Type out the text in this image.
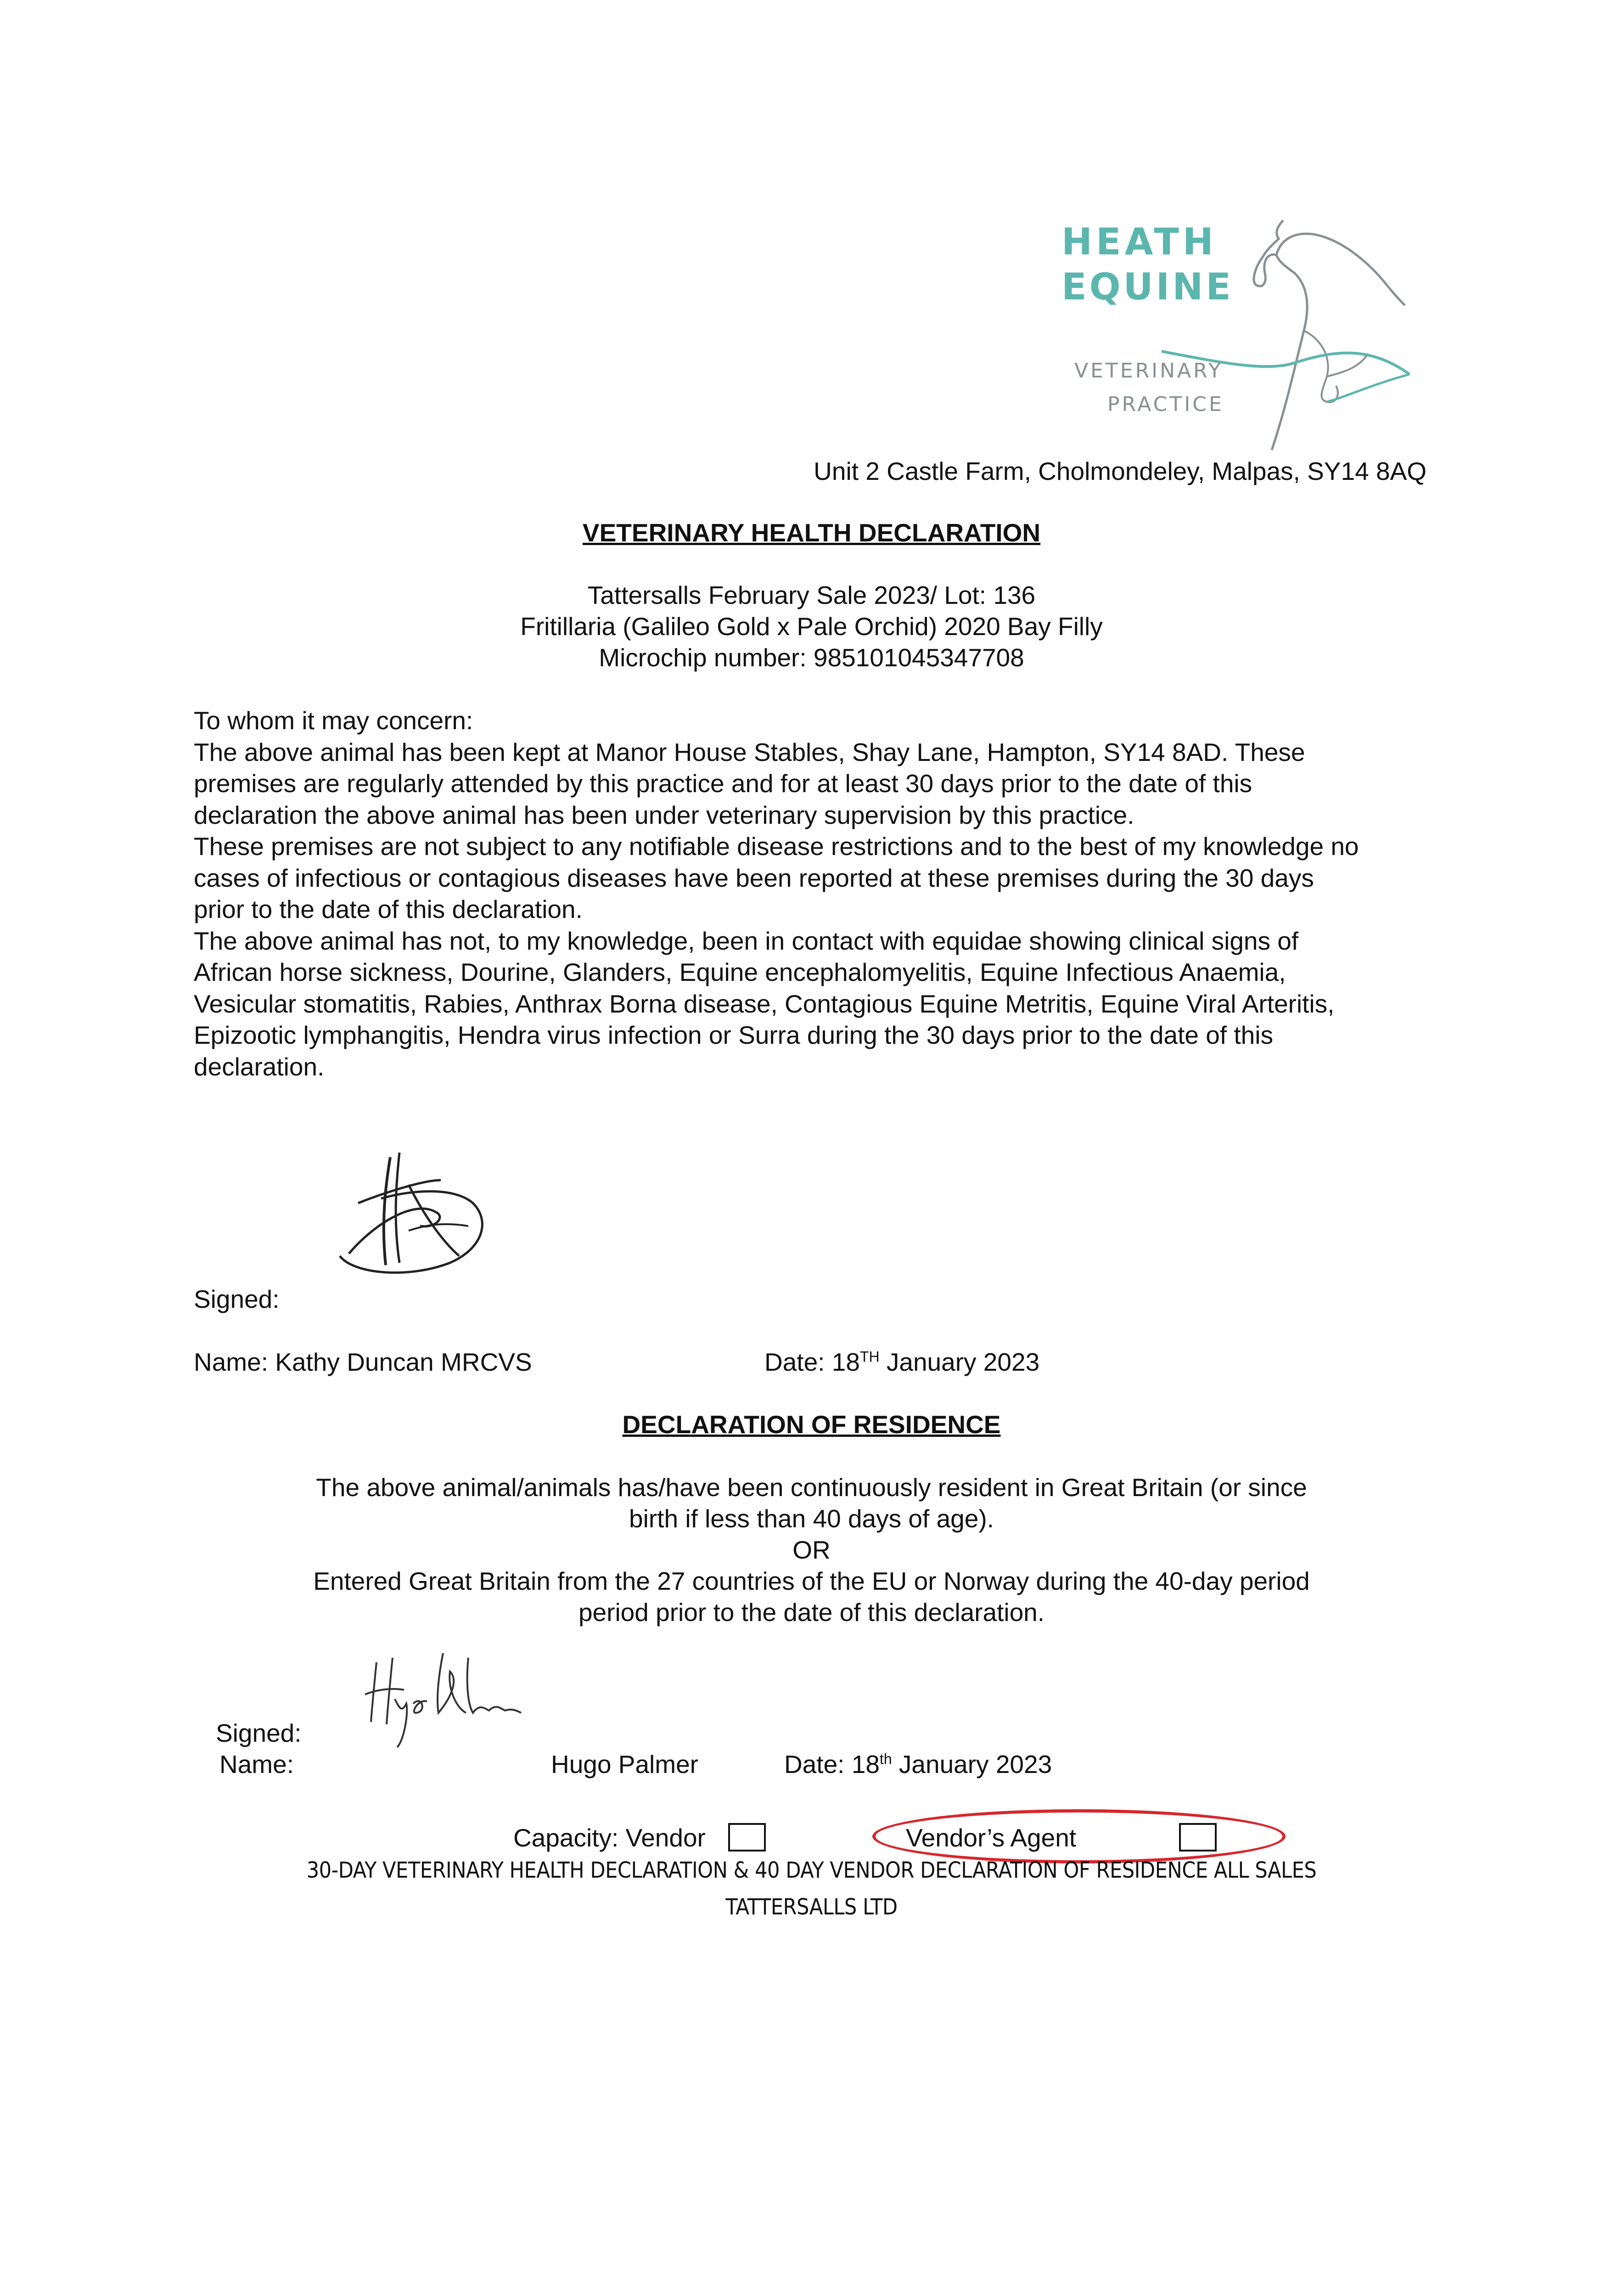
HEATH
EQUINE
VETERINARY
PRACTICE
Unit 2 Castle Farm, Cholmondeley, Malpas, SY14 8AQ
VETERINARY HEALTH DECLARATION
Tattersalls February Sale 2023/ Lot: 136
Fritillaria (Galileo Gold x Pale Orchid) 2020 Bay Filly
Microchip number: 985101045347708

To whom it may concern:

The above animal has been kept at Manor House Stables, Shay Lane, Hampton, SY14 8AD. These premises are regularly attended by this practice and for at least 30 days prior to the date of this declaration the above animal has been under veterinary supervision by this practice.

These premises are not subject to any notifiable disease restrictions and to the best of my knowledge no cases of infectious or contagious diseases have been reported at these premises during the 30 days prior to the date of this declaration.

The above animal has not, to my knowledge, been in contact with equidae showing clinical signs of African horse sickness, Dourine, Glanders, Equine encephalomyelitis, Equine Infectious Anaemia, Vesicular stomatitis, Rabies, Anthrax Borna disease, Contagious Equine Metritis, Equine Viral Arteritis,

Epizootic lymphangitis, Hendra virus infection or Surra during the 30 days prior to the date of this declaration.

Signed:
Name: Kathy Duncan MRCVS	Date: 18TH January 2023
DECLARATION OF RESIDENCE
The above animal/animals has/have been continuously resident in Great Britain (or since
birth if less than 40 days of age).
OR
Entered Great Britain from the 27 countries of the EU or Norway during the 40-day period
period prior to the date of this declaration.
Signed:
Name:	Hugo Palmer	Date: 18th January 2023
Capacity: Vendor	Vendor’s Agent
30-DAY VETERINARY HEALTH DECLARATION & 40 DAY VENDOR DECLARATION OF RESIDENCE ALL SALES
TATTERSALLS LTD
